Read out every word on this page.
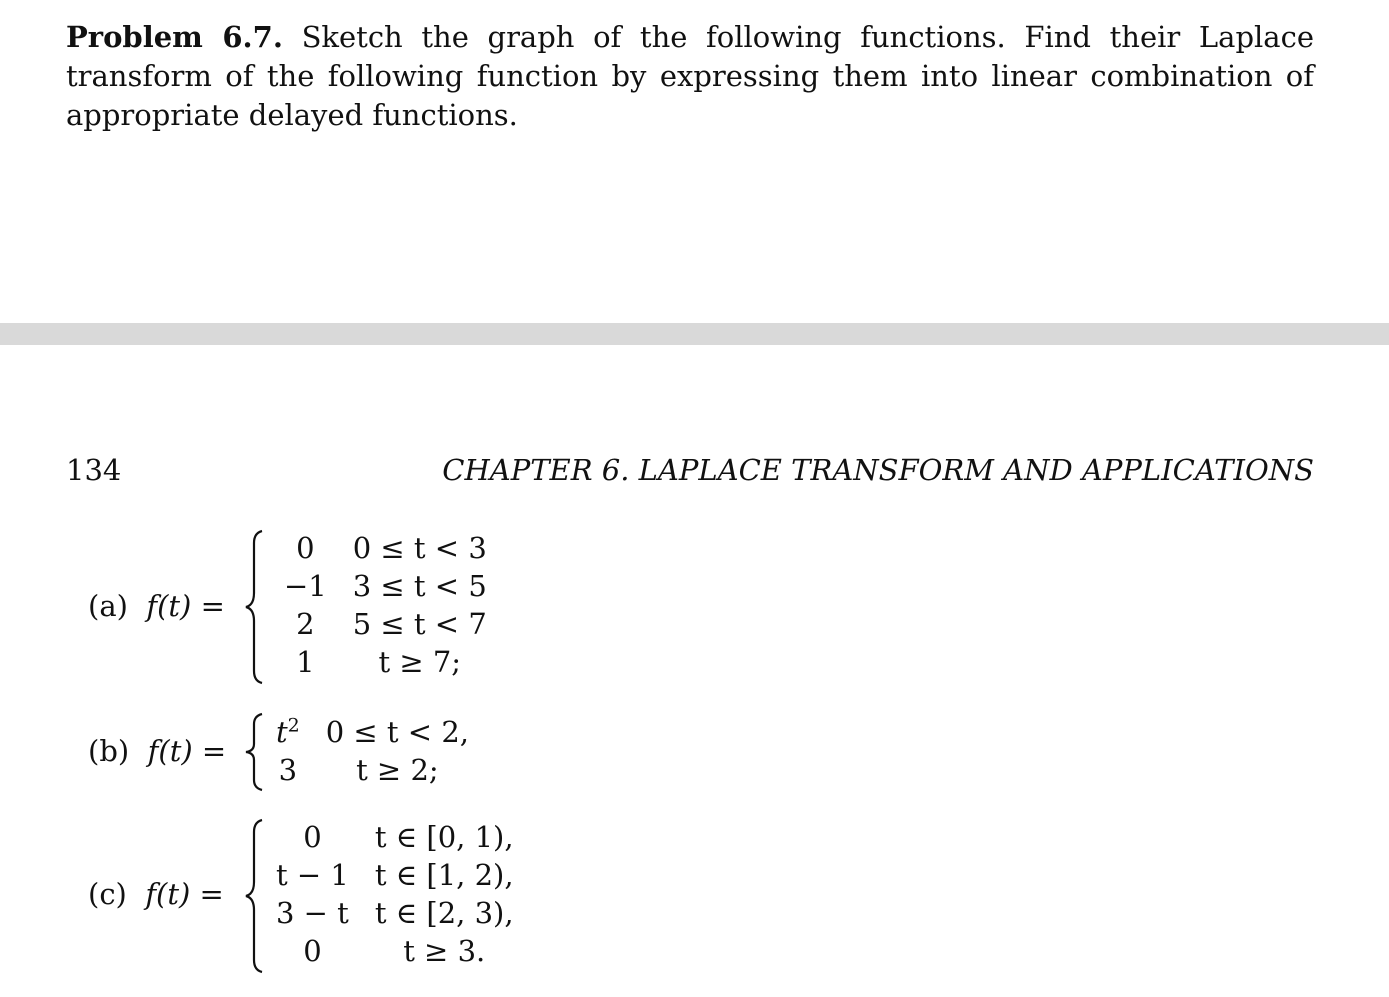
Problem 6.7. Sketch the graph of the following functions. Find their Laplace transform of the following function by expressing them into linear combination of appropriate delayed functions.
134	CHAPTER 6. LAPLACE TRANSFORM AND APPLICATIONS
(a) f(t) =
0	0 ≤ t < 3
−1	3 ≤ t < 5
2	5 ≤ t < 7
1	t ≥ 7;
(b) f(t) =
$t^2$	0 ≤ t < 2,
3	t ≥ 2;
(c) f(t) =
0	t ∈ [0, 1),
t − 1	t ∈ [1, 2),
3 − t	t ∈ [2, 3),
0	t ≥ 3.
